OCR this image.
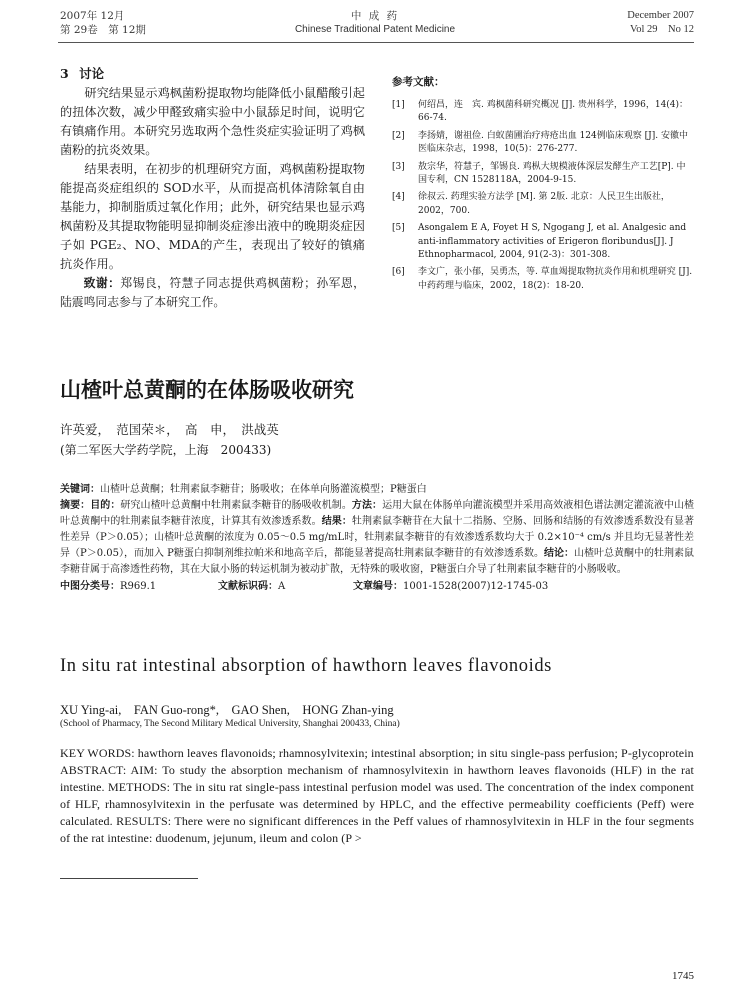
2007年 12月
第 29卷　第 12期
中 成 药
Chinese Traditional Patent Medicine
December 2007
Vol 29　No 12
3 讨论

研究结果显示鸡枫菌粉提取物均能降低小鼠醋酸引起的扭体次数，减少甲醛致痛实验中小鼠舔足时间，说明它有镇痛作用。本研究另选取两个急性炎症实验证明了鸡枫菌粉的抗炎效果。

结果表明，在初步的机理研究方面，鸡枫菌粉提取物能提高炎症组织的 SOD水平，从而提高机体清除氧自由基能力，抑制脂质过氧化作用；此外，研究结果也显示鸡枫菌粉及其提取物能明显抑制炎症渗出液中的晚期炎症因子如 PGE₂、NO、MDA的产生，表现出了较好的镇痛抗炎作用。

致谢：郑锡良，符慧子同志提供鸡枫菌粉；孙军恩，陆震鸣同志参与了本研究工作。

参考文献：
[1]	何绍昌，连　宾. 鸡枫菌科研究概况 [J]. 贵州科学，1996，14(4)：66-74.
[2]	李扬婧，谢祖俭. 白蚁菌圃治疗痔疮出血 124例临床观察 [J]. 安徽中医临床杂志，1998，10(5)：276-277.
[3]	敖宗华，符慧子，邹锡良. 鸡枞大规模液体深层发酵生产工艺[P]. 中国专利，CN 1528118A，2004-9-15.
[4]	徐叔云. 药理实验方法学 [M]. 第 2版. 北京：人民卫生出版社，2002，700.
[5]	Asongalem E A, Foyet H S, Ngogang J, et al. Analgesic and anti-inflammatory activities of Erigeron floribundus[J]. J Ethnopharmacol, 2004, 91(2-3)：301-308.
[6]	李文广，张小郁，吴勇杰，等. 草血竭提取物抗炎作用和机理研究 [J]. 中药药理与临床，2002，18(2)：18-20.
山楂叶总黄酮的在体肠吸收研究
许英爱，　范国荣＊，　高　申，　洪战英
(第二军医大学药学院，上海　200433)
关键词：山楂叶总黄酮；牡荆素鼠李糖苷；肠吸收；在体单向肠灌流模型；P糖蛋白
摘要：目的：研究山楂叶总黄酮中牡荆素鼠李糖苷的肠吸收机制。方法：运用大鼠在体肠单向灌流模型并采用高效液相色谱法测定灌流液中山楂叶总黄酮中的牡荆素鼠李糖苷浓度，计算其有效渗透系数。结果：牡荆素鼠李糖苷在大鼠十二指肠、空肠、回肠和结肠的有效渗透系数没有显著性差异（P＞0.05）；山楂叶总黄酮的浓度为 0.05～0.5 mg/mL时，牡荆素鼠李糖苷的有效渗透系数均大于 0.2×10⁻⁴ cm/s 并且均无显著性差异（P＞0.05），而加入 P糖蛋白抑制剂维拉帕米和地高辛后，都能显著提高牡荆素鼠李糖苷的有效渗透系数。结论：山楂叶总黄酮中的牡荆素鼠李糖苷属于高渗透性药物，其在大鼠小肠的转运机制为被动扩散，无特殊的吸收窗，P糖蛋白介导了牡荆素鼠李糖苷的小肠吸收。
中图分类号：R969.1	文献标识码：A	文章编号：1001-1528(2007)12-1745-03
In situ rat intestinal absorption of hawthorn leaves flavonoids
XU Ying-ai,　FAN Guo-rong*,　GAO Shen,　HONG Zhan-ying
(School of Pharmacy, The Second Military Medical University, Shanghai 200433, China)
KEY WORDS: hawthorn leaves flavonoids; rhamnosylvitexin; intestinal absorption; in situ single-pass perfusion; P-glycoprotein
ABSTRACT: AIM: To study the absorption mechanism of rhamnosylvitexin in hawthorn leaves flavonoids (HLF) in the rat intestine. METHODS: The in situ rat single-pass intestinal perfusion model was used. The concentration of the index component of HLF, rhamnosylvitexin in the perfusate was determined by HPLC, and the effective permeability coefficients (Peff) were calculated. RESULTS: There were no significant differences in the Peff values of rhamnosylvitexin in HLF in the four segments of the rat intestine: duodenum, jejunum, ileum and colon (P >
1745
